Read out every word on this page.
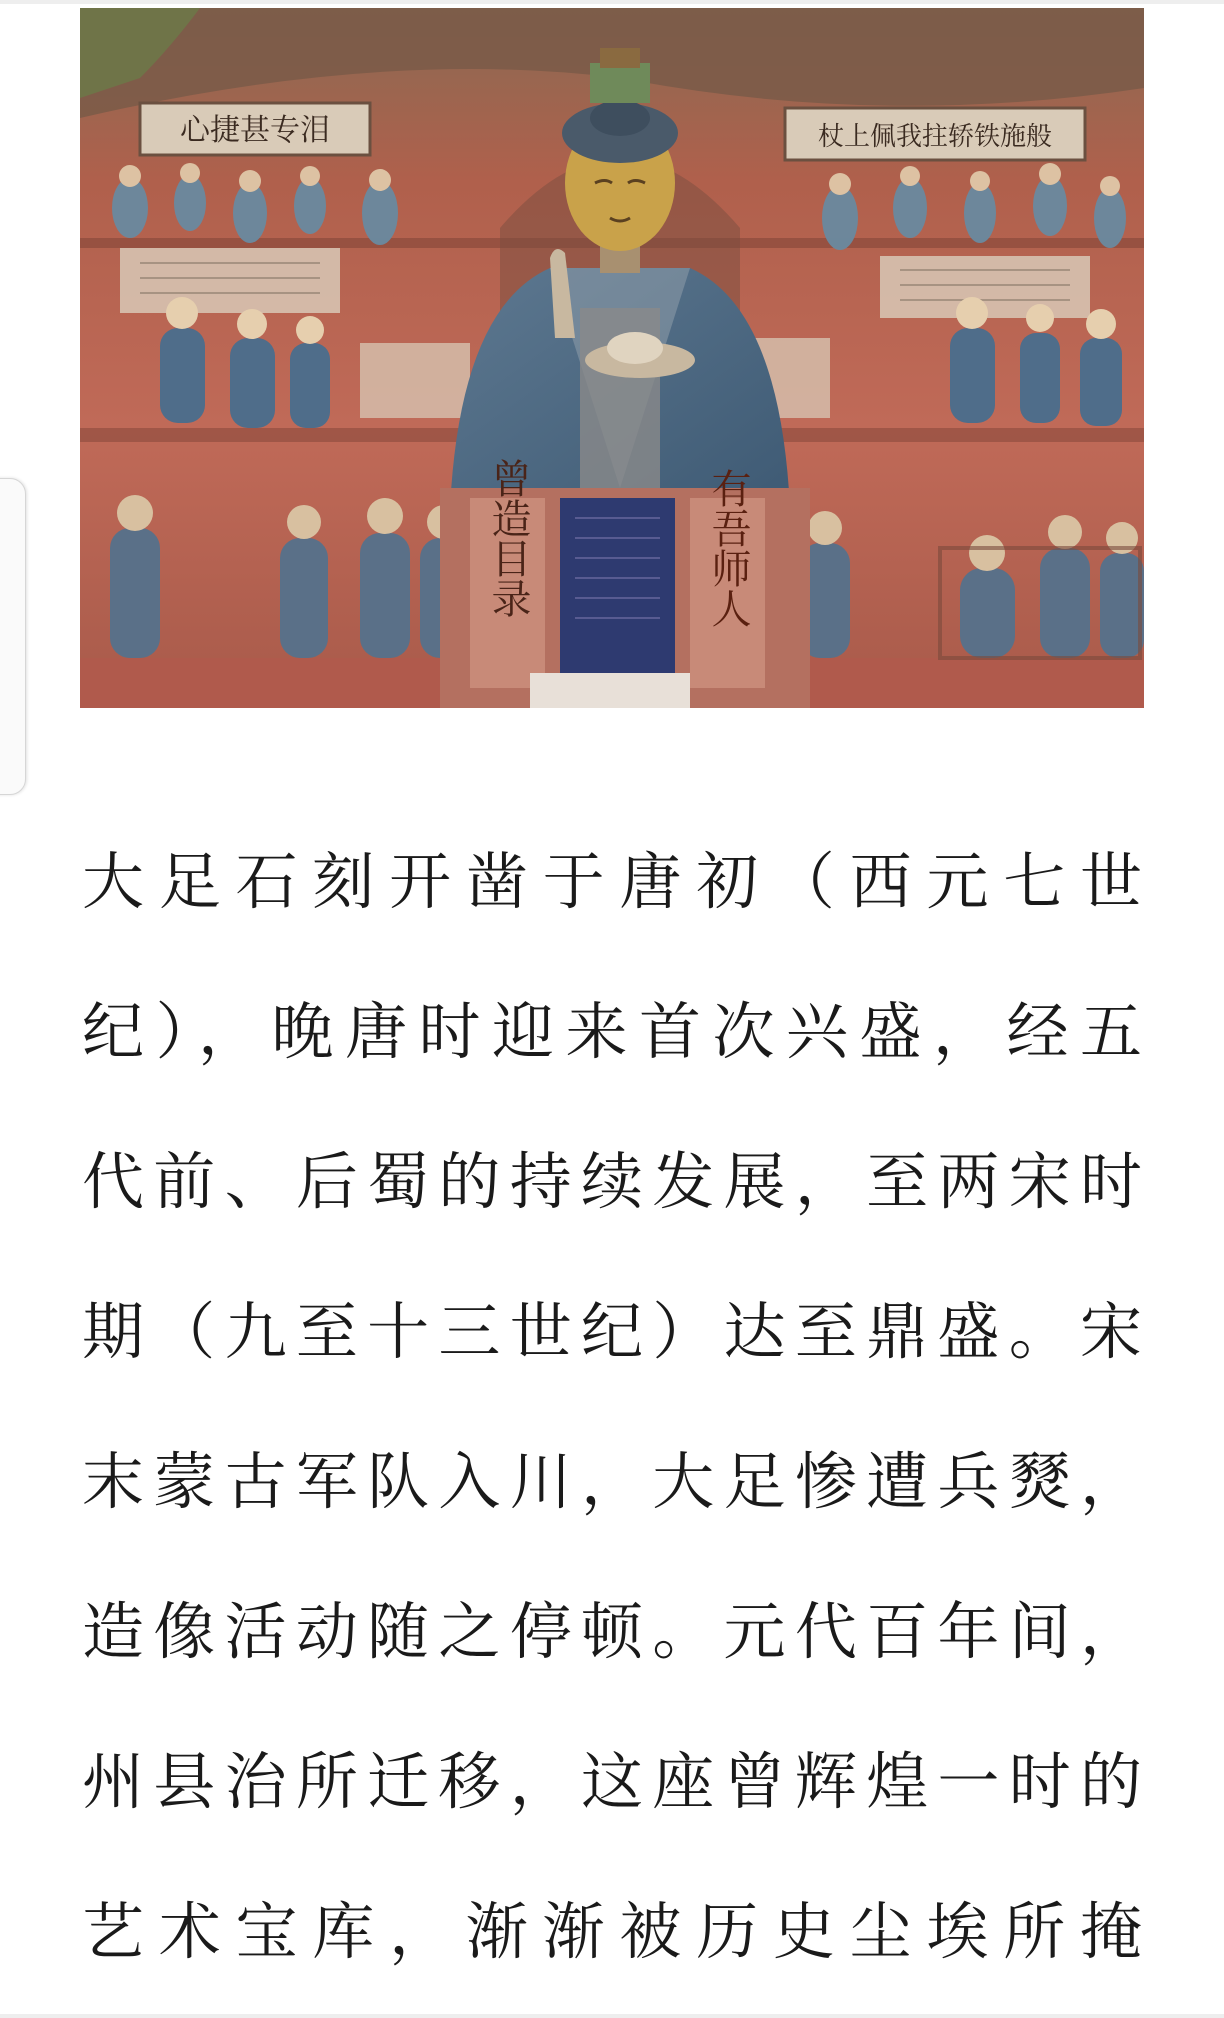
心捷甚专泪	杖上佩我拄轿铁施般
曾造目录	有吾师人
大足石刻开凿于唐初（西元七世
纪），晚唐时迎来首次兴盛，经五
代前、后蜀的持续发展，至两宋时
期（九至十三世纪）达至鼎盛。宋
末蒙古军队入川，大足惨遭兵燹，
造像活动随之停顿。元代百年间，
州县治所迁移，这座曾辉煌一时的
艺术宝库，渐渐被历史尘埃所掩
